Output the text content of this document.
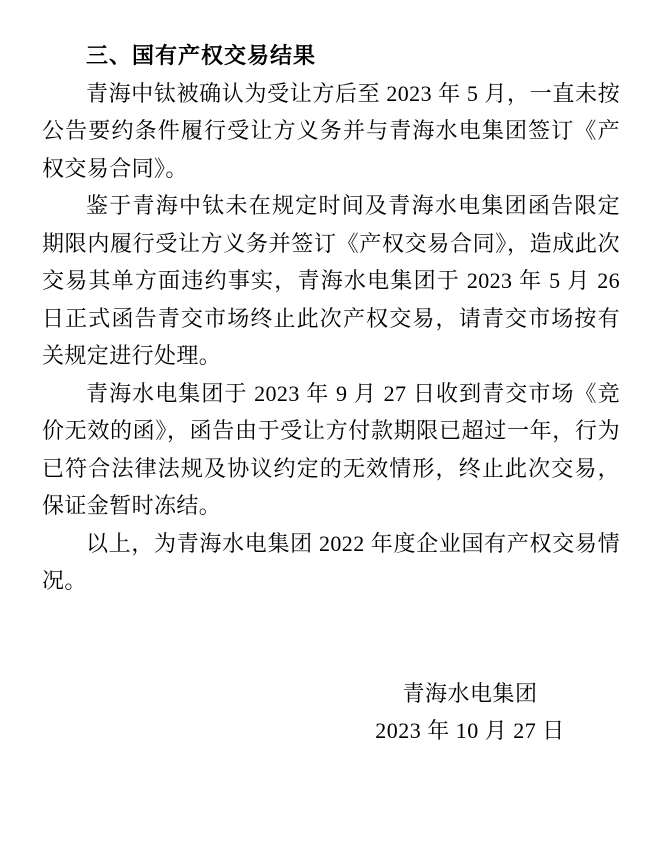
三、国有产权交易结果

青海中钛被确认为受让方后至 2023 年 5 月，一直未按公告要约条件履行受让方义务并与青海水电集团签订《产权交易合同》。

鉴于青海中钛未在规定时间及青海水电集团函告限定期限内履行受让方义务并签订《产权交易合同》，造成此次交易其单方面违约事实，青海水电集团于 2023 年 5 月 26 日正式函告青交市场终止此次产权交易，请青交市场按有关规定进行处理。

青海水电集团于 2023 年 9 月 27 日收到青交市场《竞价无效的函》，函告由于受让方付款期限已超过一年，行为已符合法律法规及协议约定的无效情形，终止此次交易，保证金暂时冻结。

以上，为青海水电集团 2022 年度企业国有产权交易情况。

青海水电集团

2023 年 10 月 27 日
